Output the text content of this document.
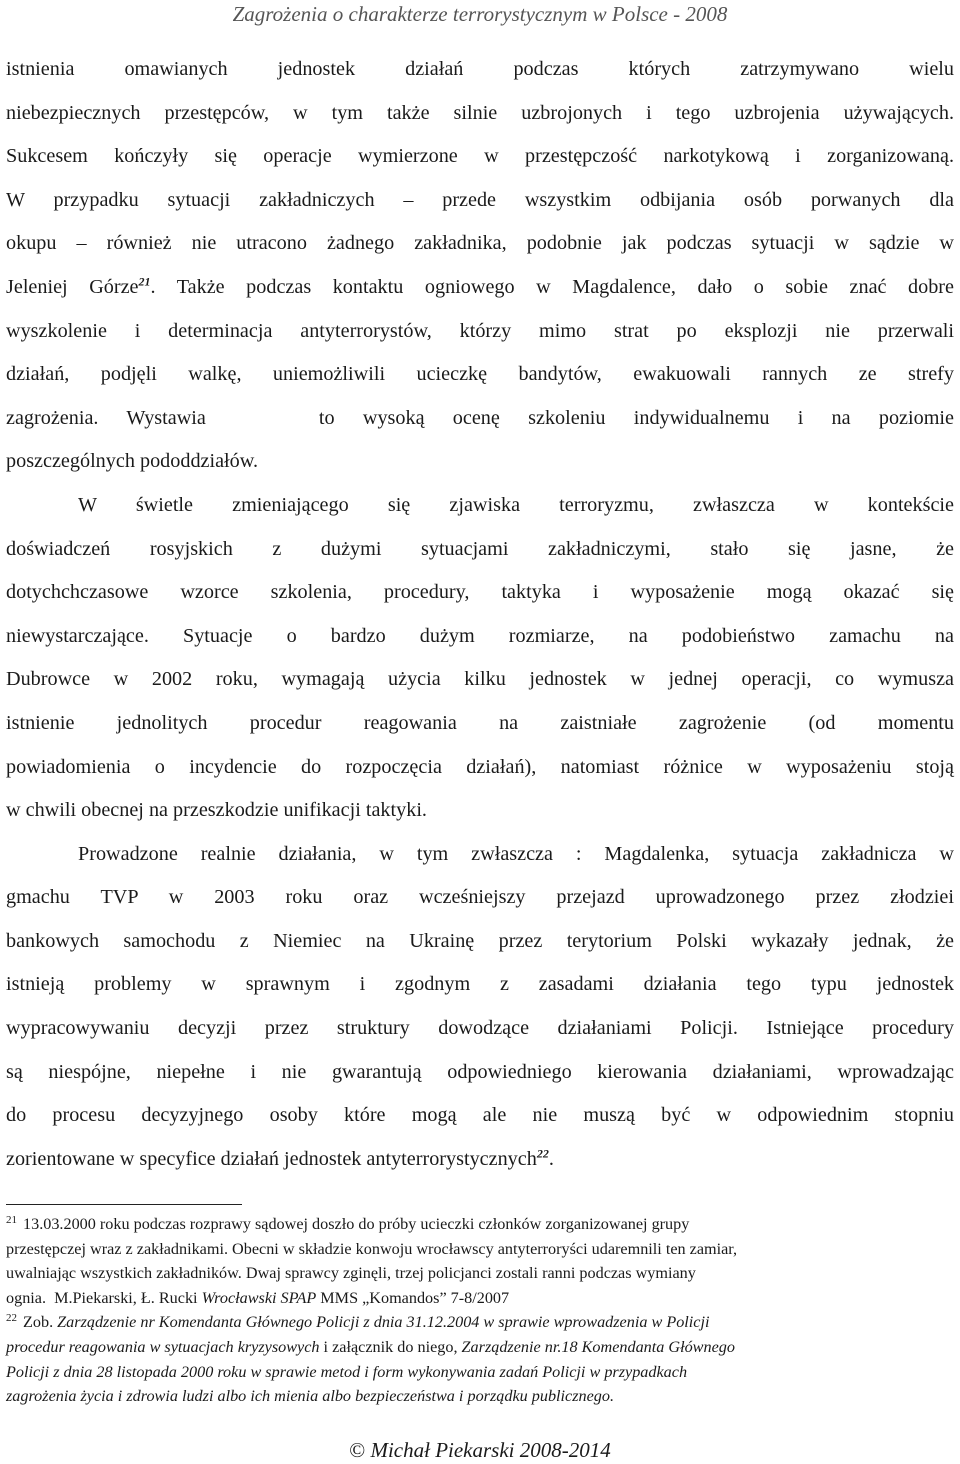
Zagrożenia o charakterze terrorystycznym w Polsce - 2008

istnienia omawianych jednostek działań podczas których zatrzymywano wielu
niebezpiecznych przestępców, w tym także silnie uzbrojonych i tego uzbrojenia używających.
Sukcesem kończyły się operacje wymierzone w przestępczość narkotykową i zorganizowaną.
W przypadku sytuacji zakładniczych – przede wszystkim odbijania osób porwanych dla
okupu – również nie utracono żadnego zakładnika, podobnie jak podczas sytuacji w sądzie w
Jeleniej Górze$^{21}$. Także podczas kontaktu ogniowego w Magdalence, dało o sobie znać dobre
wyszkolenie i determinacja antyterrorystów, którzy mimo strat po eksplozji nie przerwali
działań, podjęli walkę, uniemożliwili ucieczkę bandytów, ewakuowali rannych ze strefy
zagrożenia. Wystawia    to wysoką ocenę szkoleniu indywidualnemu i na poziomie
poszczególnych pododdziałów.

W świetle zmieniającego się zjawiska terroryzmu, zwłaszcza w kontekście
doświadczeń rosyjskich z dużymi sytuacjami zakładniczymi, stało się jasne, że
dotychchczasowe wzorce szkolenia, procedury, taktyka i wyposażenie mogą okazać się
niewystarczające. Sytuacje o bardzo dużym rozmiarze, na podobieństwo zamachu na
Dubrowce w 2002 roku, wymagają użycia kilku jednostek w jednej operacji, co wymusza
istnienie jednolitych procedur reagowania na zaistniałe zagrożenie (od momentu
powiadomienia o incydencie do rozpoczęcia działań), natomiast różnice w wyposażeniu stoją
w chwili obecnej na przeszkodzie unifikacji taktyki.

Prowadzone realnie działania, w tym zwłaszcza : Magdalenka, sytuacja zakładnicza w
gmachu TVP w 2003 roku oraz wcześniejszy przejazd uprowadzonego przez złodziei
bankowych samochodu z Niemiec na Ukrainę przez terytorium Polski wykazały jednak, że
istnieją problemy w sprawnym i zgodnym z zasadami działania tego typu jednostek
wypracowywaniu decyzji przez struktury dowodzące działaniami Policji. Istniejące procedury
są niespójne, niepełne i nie gwarantują odpowiedniego kierowania działaniami, wprowadzając
do procesu decyzyjnego osoby które mogą ale nie muszą być w odpowiednim stopniu
zorientowane w specyfice działań jednostek antyterrorystycznych$^{22}$.

$^{21}$ 13.03.2000 roku podczas rozprawy sądowej doszło do próby ucieczki członków zorganizowanej grupy
przestępczej wraz z zakładnikami. Obecni w składzie konwoju wrocławscy antyterroryści udaremnili ten zamiar,
uwalniając wszystkich zakładników. Dwaj sprawcy zginęli, trzej policjanci zostali ranni podczas wymiany
ognia.  M.Piekarski, Ł. Rucki Wrocławski SPAP MMS „Komandos” 7-8/2007
$^{22}$ Zob. Zarządzenie nr Komendanta Głównego Policji z dnia 31.12.2004 w sprawie wprowadzenia w Policji
procedur reagowania w sytuacjach kryzysowych i załącznik do niego, Zarządzenie nr.18 Komendanta Głównego
Policji z dnia 28 listopada 2000 roku w sprawie metod i form wykonywania zadań Policji w przypadkach
zagrożenia życia i zdrowia ludzi albo ich mienia albo bezpieczeństwa i porządku publicznego.
© Michał Piekarski 2008-2014
